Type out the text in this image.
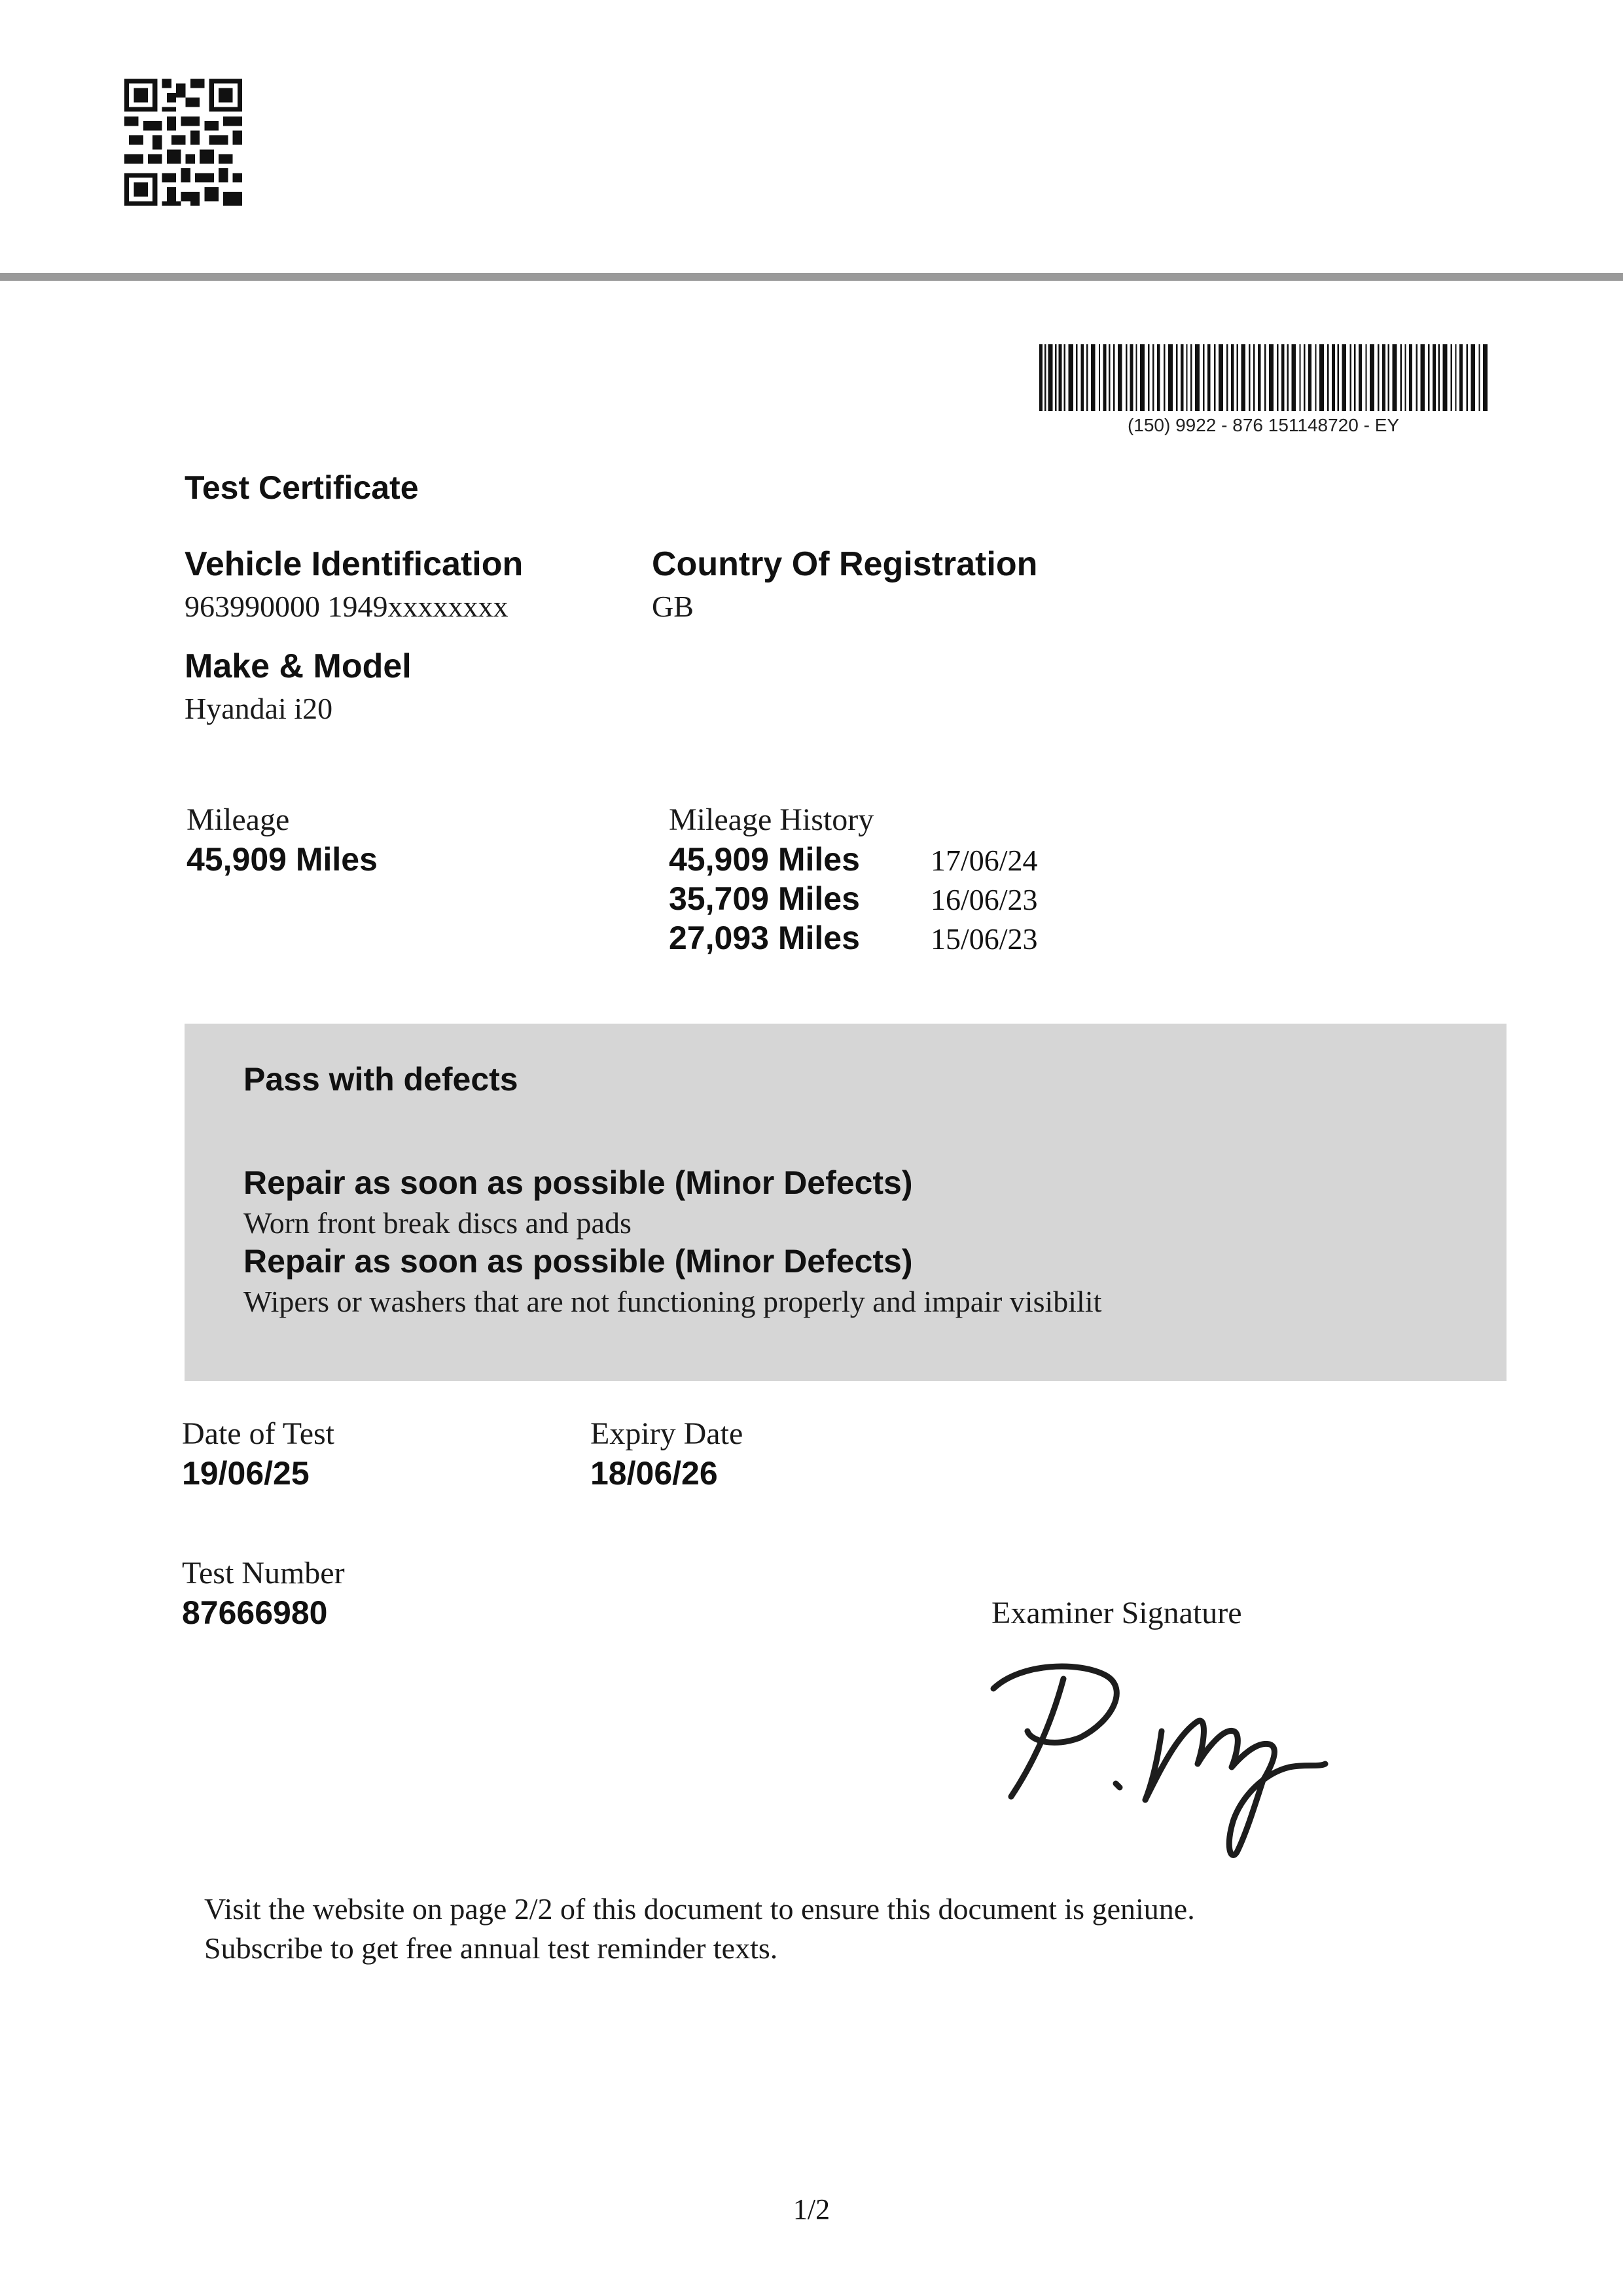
(150) 9922 - 876 151148720 - EY
Test Certificate
Vehicle Identification
963990000 1949xxxxxxxx
Country Of Registration
GB
Make & Model
Hyandai i20
Mileage
45,909 Miles
Mileage History
45,909 Miles	17/06/24
35,709 Miles	16/06/23
27,093 Miles	15/06/23
Pass with defects
Repair as soon as possible (Minor Defects)
Worn front break discs and pads
Repair as soon as possible (Minor Defects)
Wipers or washers that are not functioning properly and impair visibilit
Date of Test
19/06/25
Expiry Date
18/06/26
Test Number
87666980	Examiner Signature
Visit the website on page 2/2 of this document to ensure this document is geniune.
Subscribe to get free annual test reminder texts.
1/2
